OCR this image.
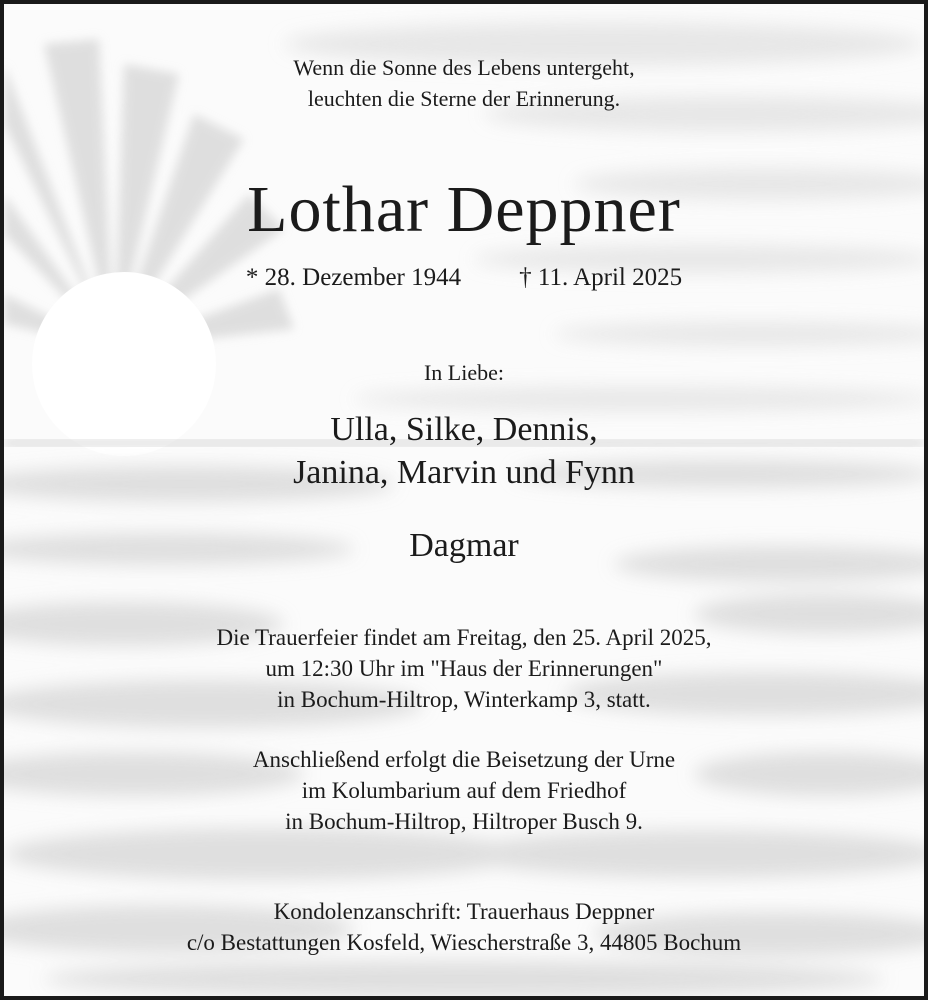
Wenn die Sonne des Lebens untergeht,
leuchten die Sterne der Erinnerung.
Lothar Deppner
* 28. Dezember 1944 † 11. April 2025
In Liebe:
Ulla, Silke, Dennis,
Janina, Marvin und Fynn
Dagmar
Die Trauerfeier findet am Freitag, den 25. April 2025,
um 12:30 Uhr im "Haus der Erinnerungen"
in Bochum-Hiltrop, Winterkamp 3, statt.
Anschließend erfolgt die Beisetzung der Urne
im Kolumbarium auf dem Friedhof
in Bochum-Hiltrop, Hiltroper Busch 9.
Kondolenzanschrift: Trauerhaus Deppner
c/o Bestattungen Kosfeld, Wiescherstraße 3, 44805 Bochum
